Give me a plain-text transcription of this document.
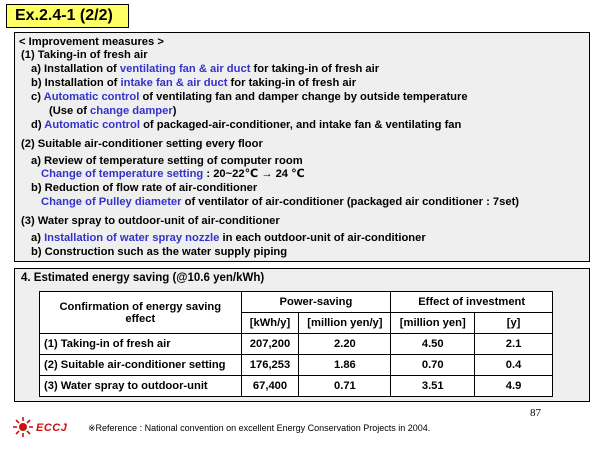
Ex.2.4-1 (2/2)
< Improvement measures >
(1) Taking-in of fresh air
a) Installation of ventilating fan & air duct for taking-in of fresh air
b) Installation of intake fan & air duct for taking-in of fresh air
c) Automatic control of ventilating fan and damper change by outside temperature
(Use of change damper)
d) Automatic control of packaged-air-conditioner, and intake fan & ventilating fan
(2) Suitable air-conditioner setting every floor
a) Review of temperature setting of computer room
Change of temperature setting : 20~22℃ → 24 ℃
b) Reduction of flow rate of air-conditioner
Change of Pulley diameter of ventilator of air-conditioner (packaged air conditioner : 7set)
(3) Water spray to outdoor-unit of air-conditioner
a) Installation of water spray nozzle in each outdoor-unit of air-conditioner
b) Construction such as the water supply piping
4. Estimated energy saving (@10.6 yen/kWh)
Confirmation of energy saving
effect	Power-saving		Effect of investment	
	[kWh/y]	[million yen/y]	[million yen]	[y]
(1) Taking-in of fresh air	207,200	2.20	4.50	2.1
(2) Suitable air-conditioner setting	176,253	1.86	0.70	0.4
(3) Water spray to outdoor-unit	67,400	0.71	3.51	4.9
ECCJ ※Reference : National convention on excellent Energy Conservation Projects in 2004.
87
